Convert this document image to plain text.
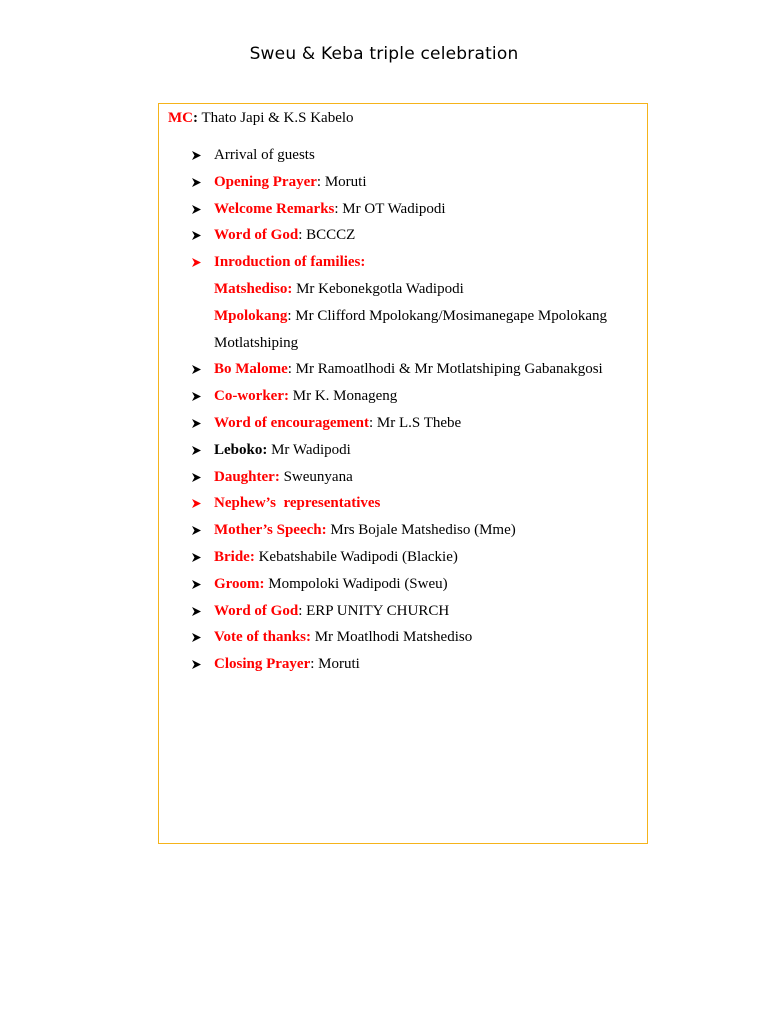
Sweu & Keba triple celebration
MC: Thato Japi & K.S Kabelo
Arrival of guests
Opening Prayer: Moruti
Welcome Remarks: Mr OT Wadipodi
Word of God: BCCCZ
Inroduction of families:
Matshediso: Mr Kebonekgotla Wadipodi
Mpolokang: Mr Clifford Mpolokang/Mosimanegape Mpolokang
Motlatshiping
Bo Malome: Mr Ramoatlhodi & Mr Motlatshiping Gabanakgosi
Co-worker: Mr K. Monageng
Word of encouragement: Mr L.S Thebe
Leboko: Mr Wadipodi
Daughter: Sweunyana
Nephew’s  representatives
Mother’s Speech: Mrs Bojale Matshediso (Mme)
Bride: Kebatshabile Wadipodi (Blackie)
Groom: Mompoloki Wadipodi (Sweu)
Word of God: ERP UNITY CHURCH
Vote of thanks: Mr Moatlhodi Matshediso
Closing Prayer: Moruti
